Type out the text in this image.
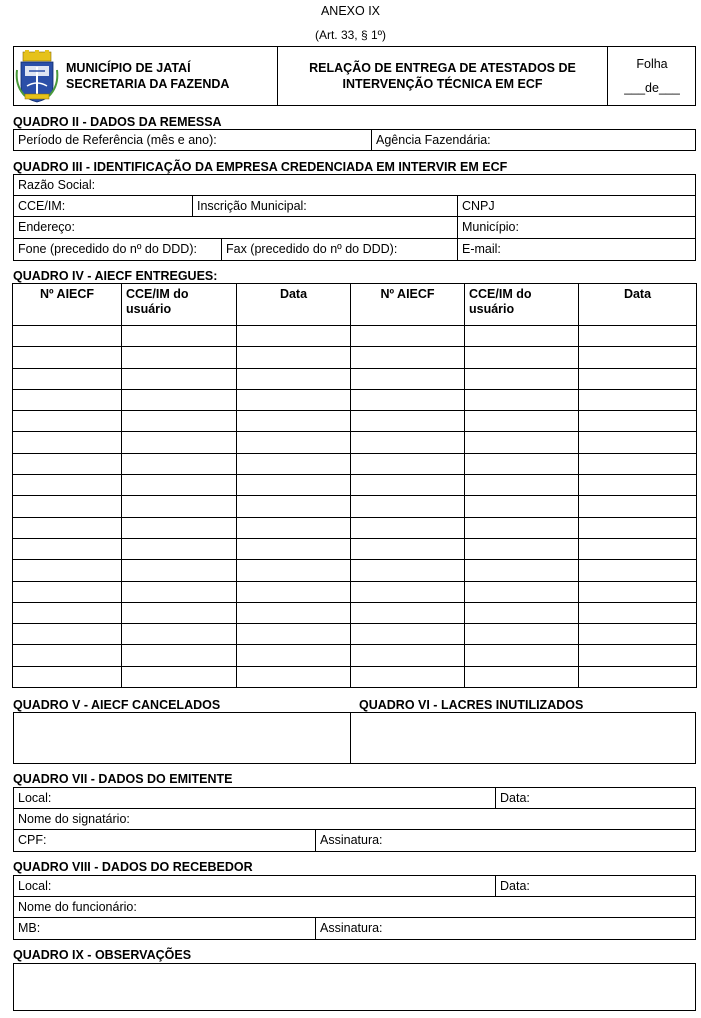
ANEXO IX
(Art. 33, § 1º)
MUNICÍPIO DE JATAÍ
SECRETARIA DA FAZENDA
RELAÇÃO DE ENTREGA DE ATESTADOS DE
INTERVENÇÃO TÉCNICA EM ECF
Folha
___de___
QUADRO II - DADOS DA REMESSA
Período de Referência (mês e ano):	Agência Fazendária:
QUADRO III - IDENTIFICAÇÃO DA EMPRESA CREDENCIADA EM INTERVIR EM ECF
Razão Social:
CCE/IM:	Inscrição Municipal:	CNPJ
Endereço:	Município:
Fone (precedido do nº do DDD):	Fax (precedido do nº do DDD):	E-mail:
QUADRO IV - AIECF ENTREGUES:
Nº AIECF	CCE/IM do usuário	Data	Nº AIECF	CCE/IM do usuário	Data

QUADRO V - AIECF CANCELADOS	QUADRO VI - LACRES INUTILIZADOS
QUADRO VII - DADOS DO EMITENTE
Local:	Data:
Nome do signatário:
CPF:	Assinatura:
QUADRO VIII - DADOS DO RECEBEDOR
Local:	Data:
Nome do funcionário:
MB:	Assinatura:
QUADRO IX - OBSERVAÇÕES
